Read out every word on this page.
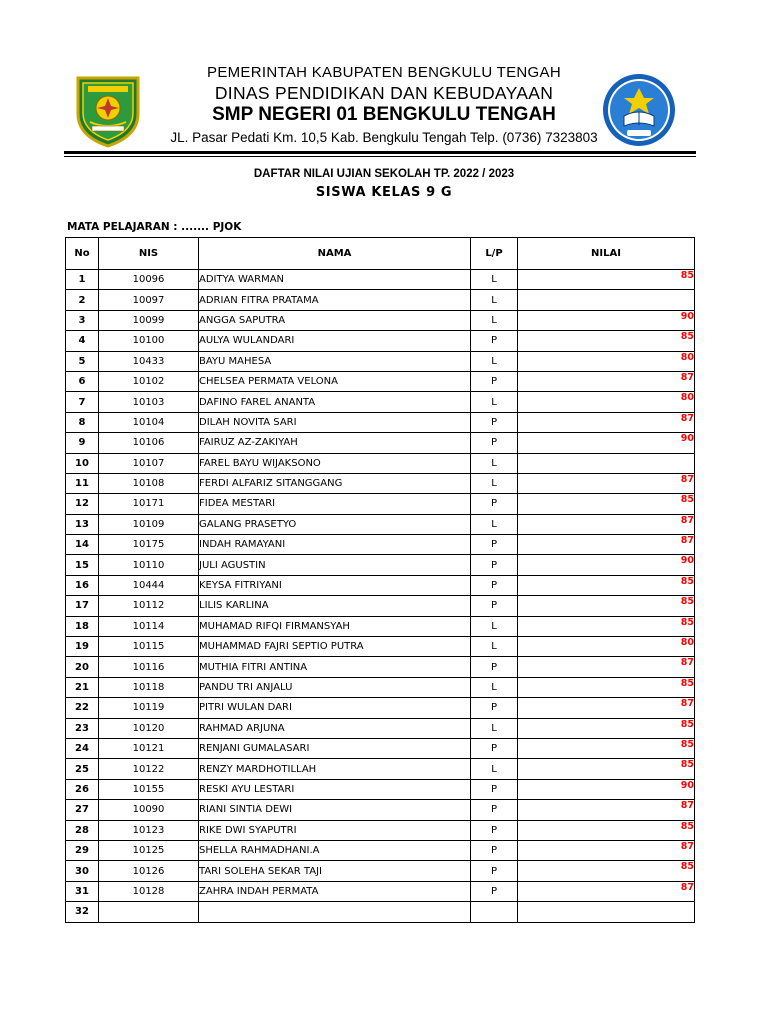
PEMERINTAH KABUPATEN BENGKULU TENGAH
DINAS PENDIDIKAN DAN KEBUDAYAAN
SMP NEGERI 01 BENGKULU TENGAH
JL. Pasar Pedati Km. 10,5 Kab. Bengkulu Tengah Telp. (0736) 7323803
DAFTAR NILAI UJIAN SEKOLAH TP. 2022 / 2023
SISWA KELAS 9 G
MATA PELAJARAN : ....... PJOK
No	NIS	NAMA	L/P	NILAI
1	10096	ADITYA WARMAN	L	85
2	10097	ADRIAN FITRA PRATAMA	L	
3	10099	ANGGA SAPUTRA	L	90
4	10100	AULYA WULANDARI	P	85
5	10433	BAYU MAHESA	L	80
6	10102	CHELSEA PERMATA VELONA	P	87
7	10103	DAFINO FAREL ANANTA	L	80
8	10104	DILAH NOVITA SARI	P	87
9	10106	FAIRUZ AZ-ZAKIYAH	P	90
10	10107	FAREL BAYU WIJAKSONO	L	
11	10108	FERDI ALFARIZ SITANGGANG	L	87
12	10171	FIDEA MESTARI	P	85
13	10109	GALANG PRASETYO	L	87
14	10175	INDAH RAMAYANI	P	87
15	10110	JULI AGUSTIN	P	90
16	10444	KEYSA FITRIYANI	P	85
17	10112	LILIS KARLINA	P	85
18	10114	MUHAMAD RIFQI FIRMANSYAH	L	85
19	10115	MUHAMMAD FAJRI SEPTIO PUTRA	L	80
20	10116	MUTHIA FITRI ANTINA	P	87
21	10118	PANDU TRI ANJALU	L	85
22	10119	PITRI WULAN DARI	P	87
23	10120	RAHMAD ARJUNA	L	85
24	10121	RENJANI GUMALASARI	P	85
25	10122	RENZY MARDHOTILLAH	L	85
26	10155	RESKI AYU LESTARI	P	90
27	10090	RIANI SINTIA DEWI	P	87
28	10123	RIKE DWI SYAPUTRI	P	85
29	10125	SHELLA RAHMADHANI.A	P	87
30	10126	TARI SOLEHA SEKAR TAJI	P	85
31	10128	ZAHRA INDAH PERMATA	P	87
32				
